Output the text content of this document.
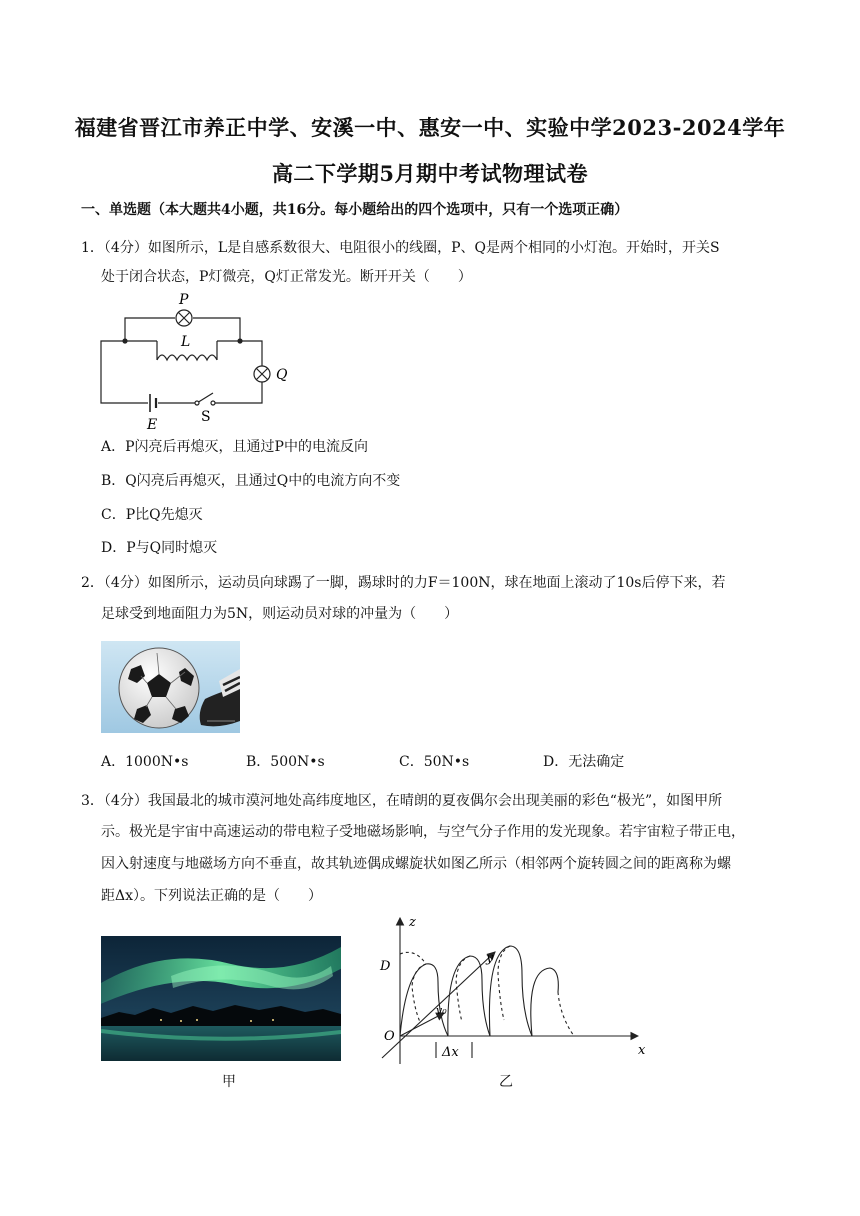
福建省晋江市养正中学、安溪一中、惠安一中、实验中学2023-2024学年
高二下学期5月期中考试物理试卷
一、单选题（本大题共4小题，共16分。每小题给出的四个选项中，只有一个选项正确）
1．（4分）如图所示，L是自感系数很大、电阻很小的线圈，P、Q是两个相同的小灯泡。开始时，开关S
处于闭合状态，P灯微亮，Q灯正常发光。断开开关（　　）
P
L
Q
E	S
A．P闪亮后再熄灭，且通过P中的电流反向
B．Q闪亮后再熄灭，且通过Q中的电流方向不变
C．P比Q先熄灭
D．P与Q同时熄灭
2．（4分）如图所示，运动员向球踢了一脚，踢球时的力F＝100N，球在地面上滚动了10s后停下来，若
足球受到地面阻力为5N，则运动员对球的冲量为（　　）
A．1000N•s	B．500N•s	C．50N•s	D．无法确定
3．（4分）我国最北的城市漠河地处高纬度地区，在晴朗的夏夜偶尔会出现美丽的彩色“极光”，如图甲所
示。极光是宇宙中高速运动的带电粒子受地磁场影响，与空气分子作用的发光现象。若宇宙粒子带正电，
因入射速度与地磁场方向不垂直，故其轨迹偶成螺旋状如图乙所示（相邻两个旋转圆之间的距离称为螺
距Δx）。下列说法正确的是（　　）
甲
z
y
x
D
O
v₀
Δx
乙
